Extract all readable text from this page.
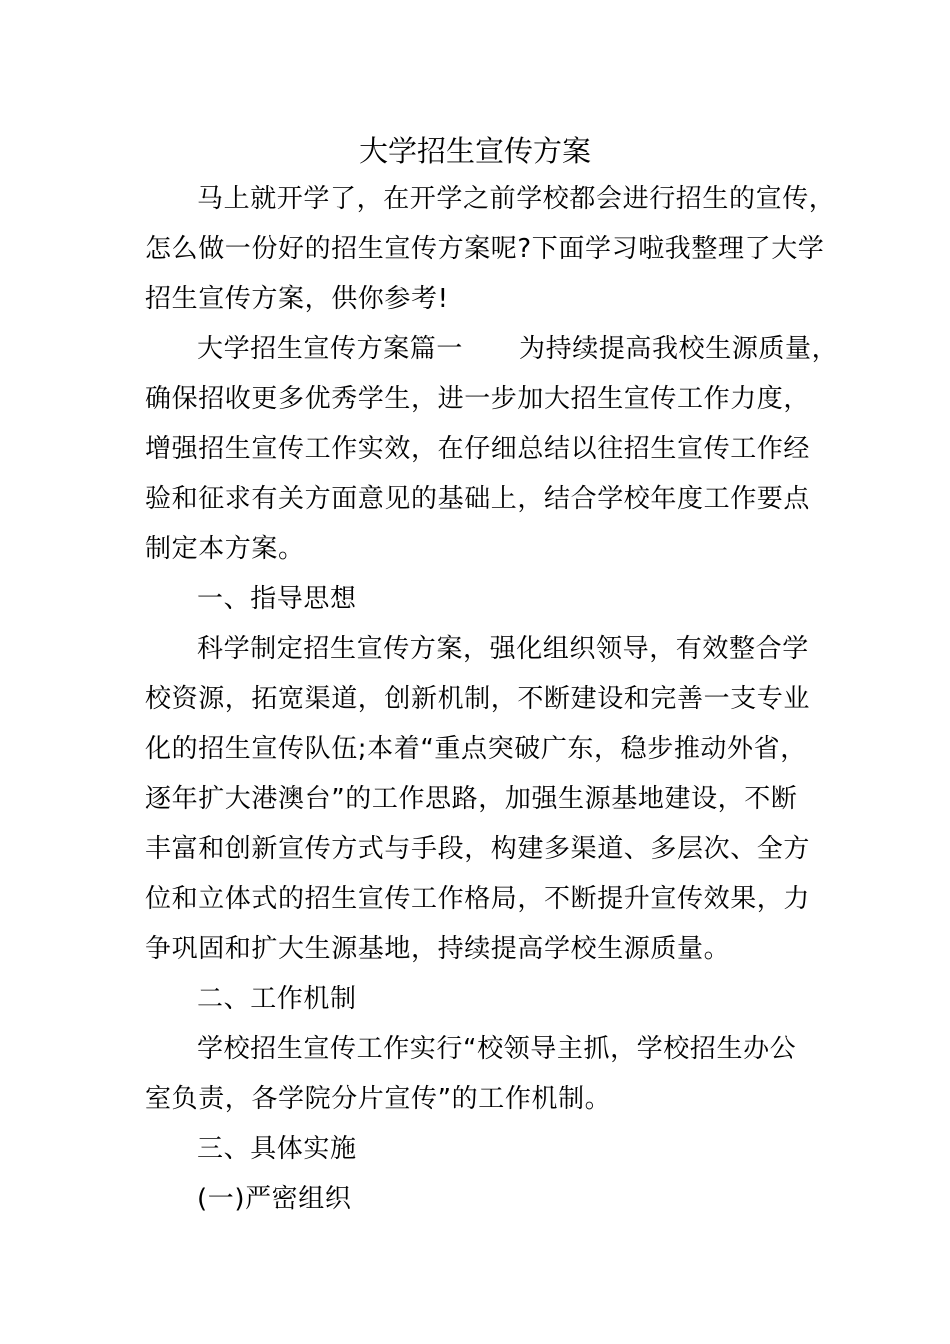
大学招生宣传方案
马上就开学了，在开学之前学校都会进行招生的宣传，
怎么做一份好的招生宣传方案呢?下面学习啦我整理了大学
招生宣传方案，供你参考!
大学招生宣传方案篇一 为持续提高我校生源质量，
确保招收更多优秀学生，进一步加大招生宣传工作力度，
增强招生宣传工作实效，在仔细总结以往招生宣传工作经
验和征求有关方面意见的基础上，结合学校年度工作要点
制定本方案。
一、指导思想
科学制定招生宣传方案，强化组织领导，有效整合学
校资源，拓宽渠道，创新机制，不断建设和完善一支专业
化的招生宣传队伍;本着“重点突破广东，稳步推动外省，
逐年扩大港澳台”的工作思路，加强生源基地建设，不断
丰富和创新宣传方式与手段，构建多渠道、多层次、全方
位和立体式的招生宣传工作格局，不断提升宣传效果，力
争巩固和扩大生源基地，持续提高学校生源质量。
二、工作机制
学校招生宣传工作实行“校领导主抓，学校招生办公
室负责，各学院分片宣传”的工作机制。
三、具体实施
(一)严密组织
